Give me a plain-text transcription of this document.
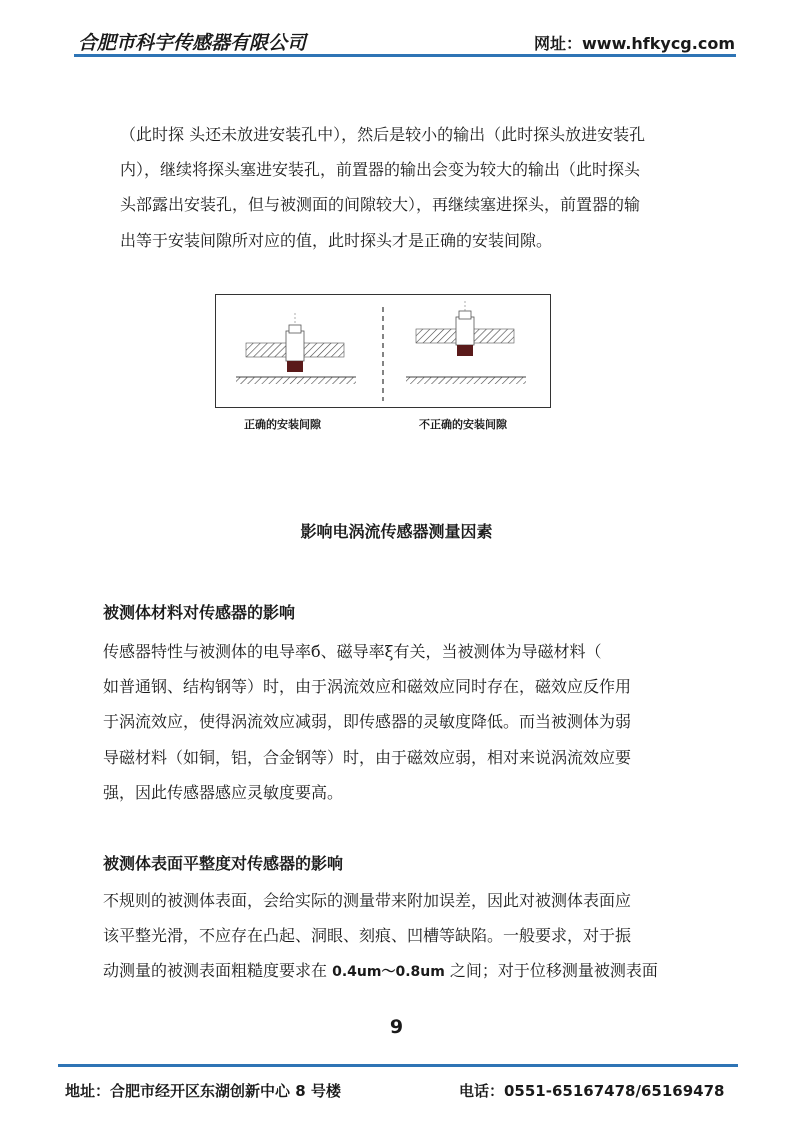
合肥市科宇传感器有限公司	网址：www.hfkycg.com

（此时探 头还未放进安装孔中），然后是较小的输出（此时探头放进安装孔
内），继续将探头塞进安装孔，前置器的输出会变为较大的输出（此时探头
头部露出安装孔，但与被测面的间隙较大），再继续塞进探头，前置器的输
出等于安装间隙所对应的值，此时探头才是正确的安装间隙。

正确的安装间隙	不正确的安装间隙
影响电涡流传感器测量因素
被测体材料对传感器的影响

传感器特性与被测体的电导率б、磁导率ξ有关，当被测体为导磁材料（
如普通钢、结构钢等）时，由于涡流效应和磁效应同时存在，磁效应反作用
于涡流效应，使得涡流效应减弱，即传感器的灵敏度降低。而当被测体为弱
导磁材料（如铜，铝，合金钢等）时，由于磁效应弱，相对来说涡流效应要
强，因此传感器感应灵敏度要高。

被测体表面平整度对传感器的影响

不规则的被测体表面，会给实际的测量带来附加误差，因此对被测体表面应
该平整光滑，不应存在凸起、洞眼、刻痕、凹槽等缺陷。一般要求，对于振
动测量的被测表面粗糙度要求在 0.4um～0.8um 之间；对于位移测量被测表面

9
地址：合肥市经开区东湖创新中心 8 号楼	电话：0551-65167478/65169478
